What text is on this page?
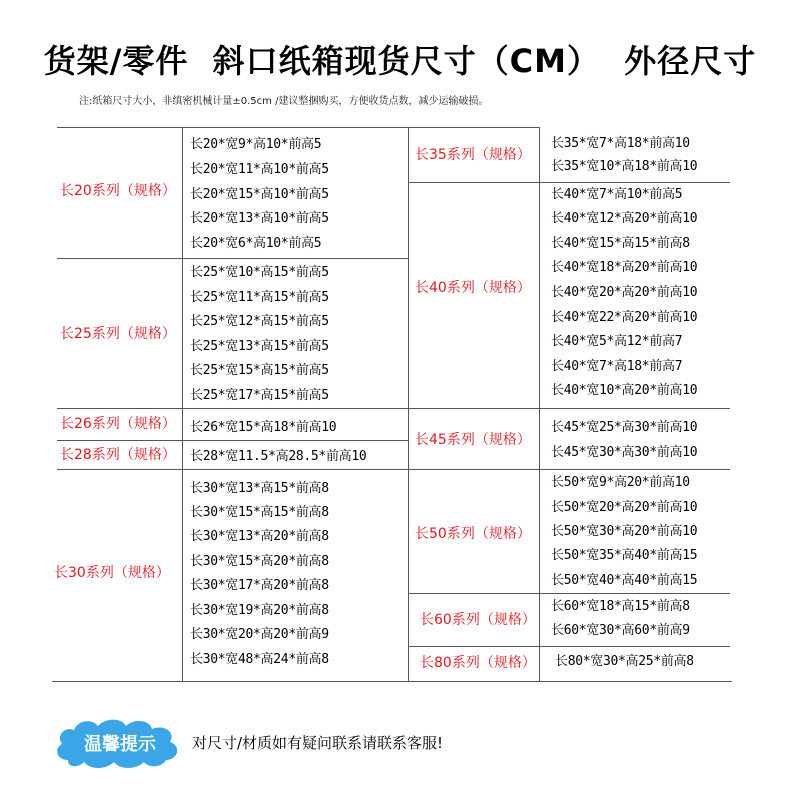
货架/零件  斜口纸箱现货尺寸（CM）  外径尺寸
注:纸箱尺寸大小，非缜密机械计量±0.5cm /建议整捆购买，方便收货点数，减少运输破损。
长20系列（规格）
长25系列（规格）
长26系列（规格）
长28系列（规格）
长30系列（规格）
长20*宽9*高10*前高5
长20*宽11*高10*前高5
长20*宽15*高10*前高5
长20*宽13*高10*前高5
长20*宽6*高10*前高5
长25*宽10*高15*前高5
长25*宽11*高15*前高5
长25*宽12*高15*前高5
长25*宽13*高15*前高5
长25*宽15*高15*前高5
长25*宽17*高15*前高5
长26*宽15*高18*前高10
长28*宽11.5*高28.5*前高10
长30*宽13*高15*前高8
长30*宽15*高15*前高8
长30*宽13*高20*前高8
长30*宽15*高20*前高8
长30*宽17*高20*前高8
长30*宽19*高20*前高8
长30*宽20*高20*前高9
长30*宽48*高24*前高8
长35系列（规格）
长40系列（规格）
长45系列（规格）
长50系列（规格）
长60系列（规格）
长80系列（规格）
长35*宽7*高18*前高10
长35*宽10*高18*前高10
长40*宽7*高10*前高5
长40*宽12*高20*前高10
长40*宽15*高15*前高8
长40*宽18*高20*前高10
长40*宽20*高20*前高10
长40*宽22*高20*前高10
长40*宽5*高12*前高7
长40*宽7*高18*前高7
长40*宽10*高20*前高10
长45*宽25*高30*前高10
长45*宽30*高30*前高10
长50*宽9*高20*前高10
长50*宽20*高20*前高10
长50*宽30*高20*前高10
长50*宽35*高40*前高15
长50*宽40*高40*前高15
长60*宽18*高15*前高8
长60*宽30*高60*前高9
长80*宽30*高25*前高8
温馨提示 对尺寸/材质如有疑问联系请联系客服!
